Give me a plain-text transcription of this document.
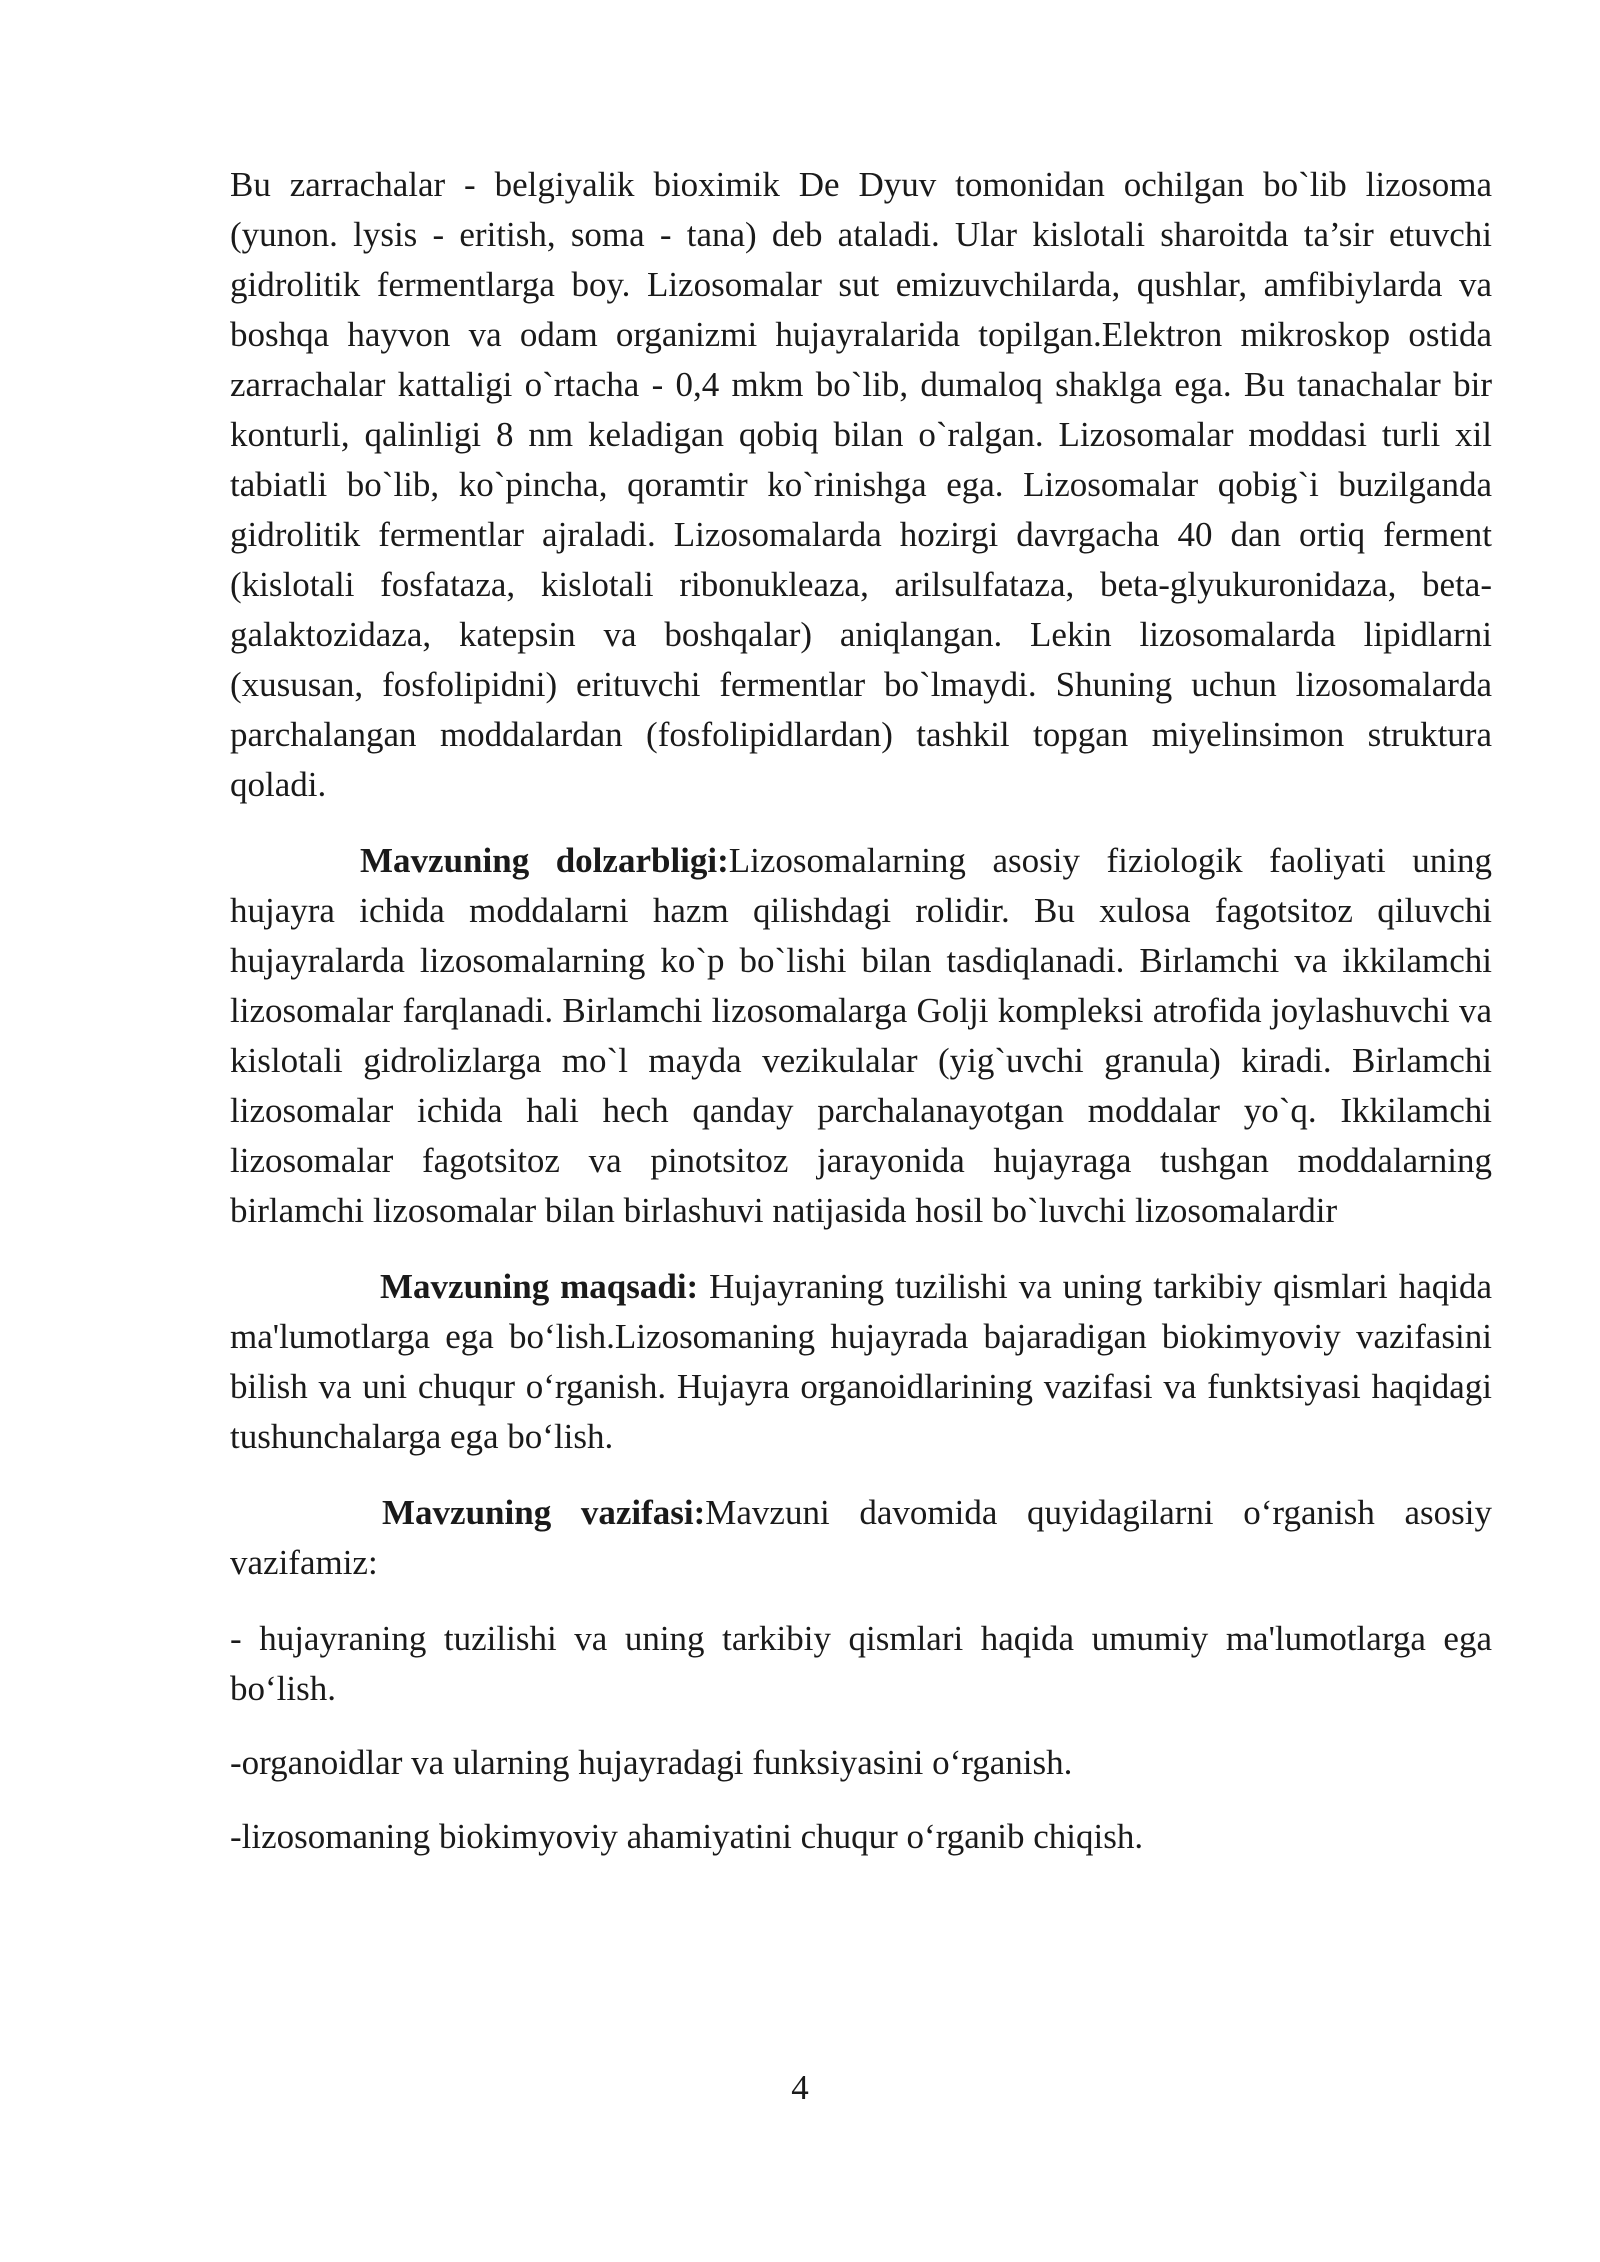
Bu zarrachalar - belgiyalik bioximik De Dyuv tomonidan ochilgan bo`lib lizosoma (yunon. lysis - eritish, soma - tana) deb ataladi. Ular kislotali sharoitda ta’sir etuvchi gidrolitik fermentlarga boy. Lizosomalar sut emizuvchilarda, qushlar, amfibiylarda va boshqa hayvon va odam organizmi hujayralarida topilgan.Elektron mikroskop ostida zarrachalar kattaligi o`rtacha - 0,4 mkm bo`lib, dumaloq shaklga ega. Bu tanachalar bir konturli, qalinligi 8 nm keladigan qobiq bilan o`ralgan. Lizosomalar moddasi turli xil tabiatli bo`lib, ko`pincha, qoramtir ko`rinishga ega. Lizosomalar qobig`i buzilganda gidrolitik fermentlar ajraladi. Lizosomalarda hozirgi davrgacha 40 dan ortiq ferment (kislotali fosfataza, kislotali ribonukleaza, arilsulfataza, beta-glyukuronidaza, beta-galaktozidaza, katepsin va boshqalar) aniqlangan. Lekin lizosomalarda lipidlarni (xususan, fosfolipidni) erituvchi fermentlar bo`lmaydi. Shuning uchun lizosomalarda parchalangan moddalardan (fosfolipidlardan) tashkil topgan miyelinsimon struktura qoladi.

Mavzuning dolzarbligi:Lizosomalarning asosiy fiziologik faoliyati uning hujayra ichida moddalarni hazm qilishdagi rolidir. Bu xulosa fagotsitoz qiluvchi hujayralarda lizosomalarning ko`p bo`lishi bilan tasdiqlanadi. Birlamchi va ikkilamchi lizosomalar farqlanadi. Birlamchi lizosomalarga Golji kompleksi atrofida joylashuvchi va kislotali gidrolizlarga mo`l mayda vezikulalar (yig`uvchi granula) kiradi. Birlamchi lizosomalar ichida hali hech qanday parchalanayotgan moddalar yo`q. Ikkilamchi lizosomalar fagotsitoz va pinotsitoz jarayonida hujayraga tushgan moddalarning birlamchi lizosomalar bilan birlashuvi natijasida hosil bo`luvchi lizosomalardir

Mavzuning maqsadi: Hujayraning tuzilishi va uning tarkibiy qismlari haqida ma'lumotlarga ega bo‘lish.Lizosomaning hujayrada bajaradigan biokimyoviy vazifasini bilish va uni chuqur o‘rganish. Hujayra organoidlarining vazifasi va funktsiyasi haqidagi tushunchalarga ega bo‘lish.

Mavzuning vazifasi:Mavzuni davomida quyidagilarni o‘rganish asosiy vazifamiz:

- hujayraning tuzilishi va uning tarkibiy qismlari haqida umumiy ma'lumotlarga ega bo‘lish.

-organoidlar va ularning hujayradagi funksiyasini o‘rganish.

-lizosomaning biokimyoviy ahamiyatini chuqur o‘rganib chiqish.

4
